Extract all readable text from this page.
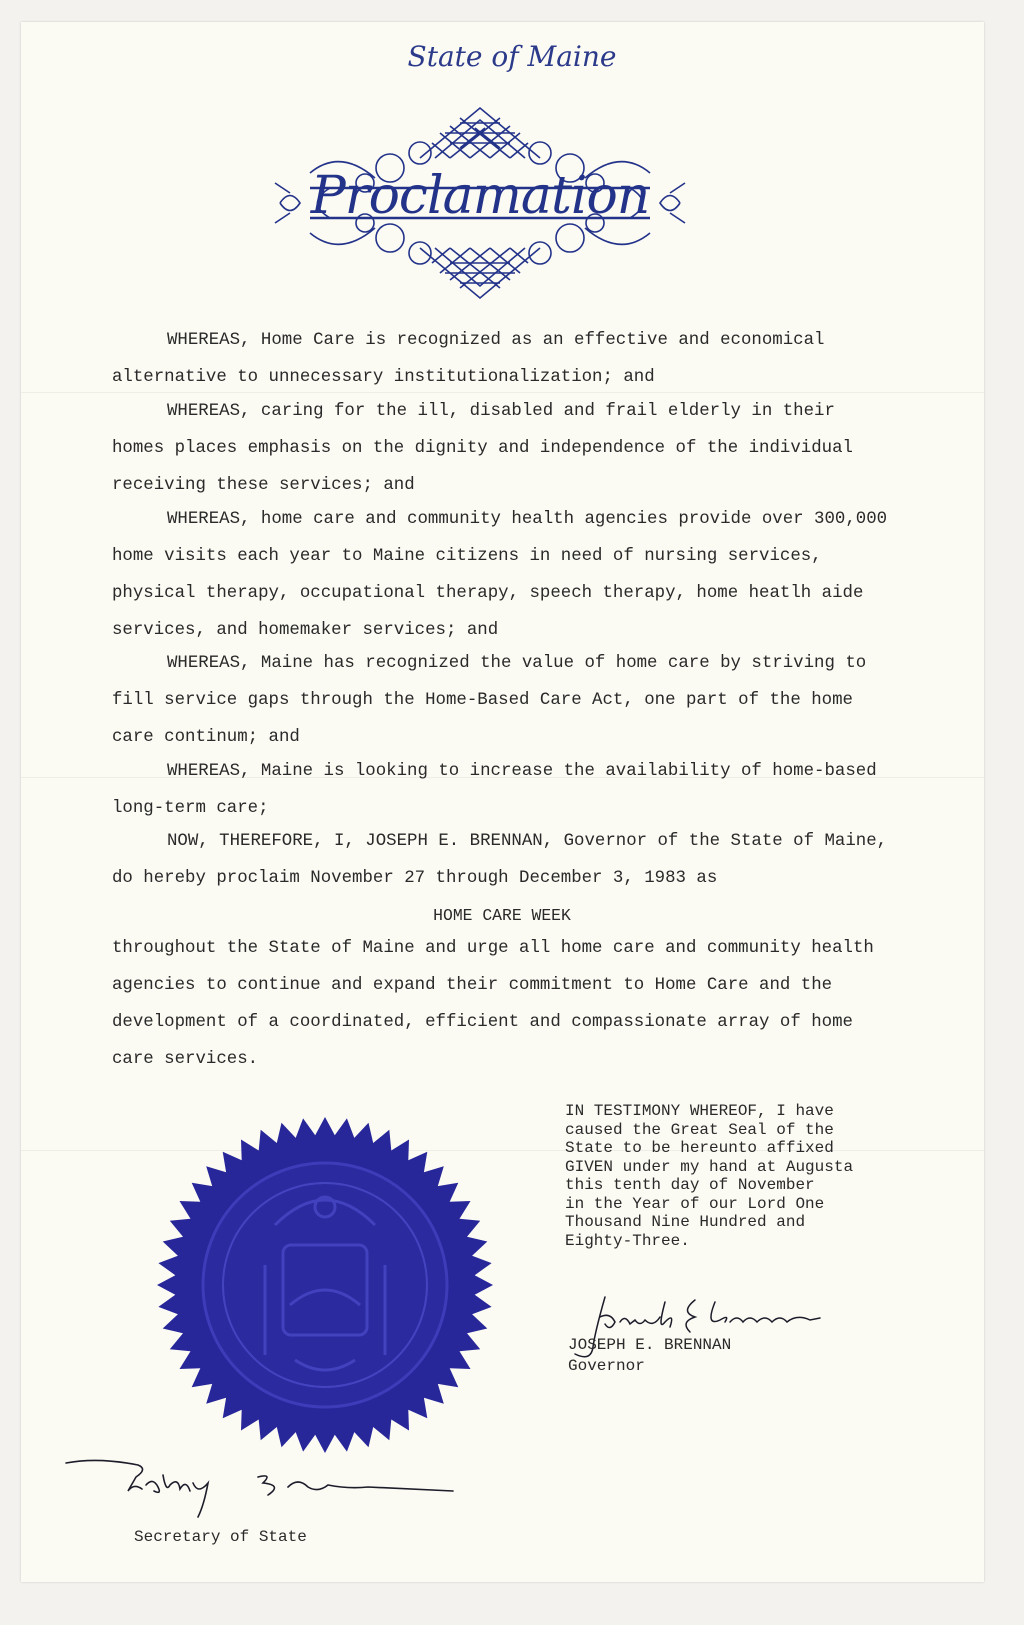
State of Maine
Proclamation

WHEREAS, Home Care is recognized as an effective and economical alternative to unnecessary institutionalization; and

WHEREAS, caring for the ill, disabled and frail elderly in their homes places emphasis on the dignity and independence of the individual receiving these services; and

WHEREAS, home care and community health agencies provide over 300,000 home visits each year to Maine citizens in need of nursing services, physical therapy, occupational therapy, speech therapy, home heatlh aide services, and homemaker services; and

WHEREAS, Maine has recognized the value of home care by striving to fill service gaps through the Home-Based Care Act, one part of the home care continum; and

WHEREAS, Maine is looking to increase the availability of home-based long-term care;

NOW, THEREFORE, I, JOSEPH E. BRENNAN, Governor of the State of Maine, do hereby proclaim November 27 through December 3, 1983 as

HOME CARE WEEK

throughout the State of Maine and urge all home care and community health agencies to continue and expand their commitment to Home Care and the development of a coordinated, efficient and compassionate array of home care services.

IN TESTIMONY WHEREOF, I have
caused the Great Seal of the
State to be hereunto affixed
GIVEN under my hand at Augusta
this tenth day of November
in the Year of our Lord One
Thousand Nine Hundred and
Eighty-Three.

JOSEPH E. BRENNAN
Governor
Secretary of State
